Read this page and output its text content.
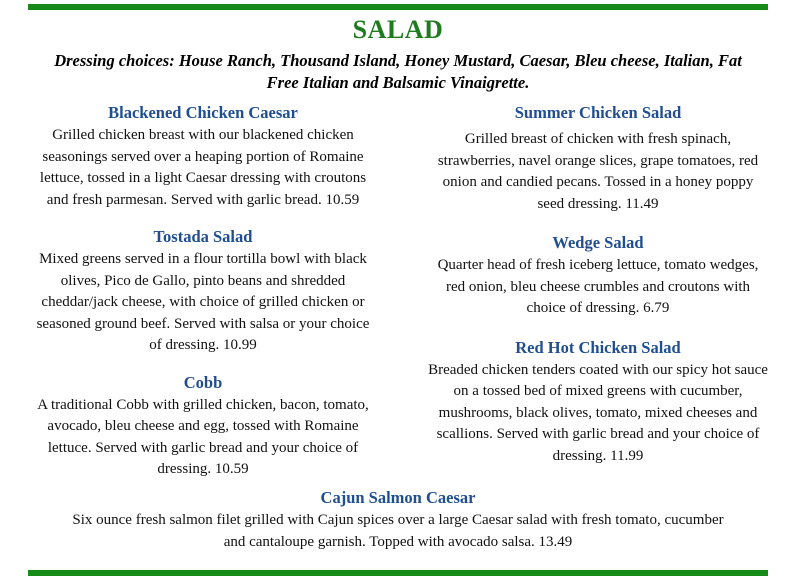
SALAD
Dressing choices: House Ranch, Thousand Island, Honey Mustard, Caesar, Bleu cheese, Italian, Fat Free Italian and Balsamic Vinaigrette.
Blackened Chicken Caesar
Grilled chicken breast with our blackened chicken seasonings served over a heaping portion of Romaine lettuce, tossed in a light Caesar dressing with croutons and fresh parmesan. Served with garlic bread. 10.59
Tostada Salad
Mixed greens served in a flour tortilla bowl with black olives, Pico de Gallo, pinto beans and shredded cheddar/jack cheese, with choice of grilled chicken or seasoned ground beef. Served with salsa or your choice of dressing. 10.99
Cobb
A traditional Cobb with grilled chicken, bacon, tomato, avocado, bleu cheese and egg, tossed with Romaine lettuce. Served with garlic bread and your choice of dressing. 10.59
Summer Chicken Salad
Grilled breast of chicken with fresh spinach, strawberries, navel orange slices, grape tomatoes, red onion and candied pecans. Tossed in a honey poppy seed dressing. 11.49
Wedge Salad
Quarter head of fresh iceberg lettuce, tomato wedges, red onion, bleu cheese crumbles and croutons with choice of dressing. 6.79
Red Hot Chicken Salad
Breaded chicken tenders coated with our spicy hot sauce on a tossed bed of mixed greens with cucumber, mushrooms, black olives, tomato, mixed cheeses and scallions. Served with garlic bread and your choice of dressing. 11.99
Cajun Salmon Caesar
Six ounce fresh salmon filet grilled with Cajun spices over a large Caesar salad with fresh tomato, cucumber and cantaloupe garnish. Topped with avocado salsa. 13.49
